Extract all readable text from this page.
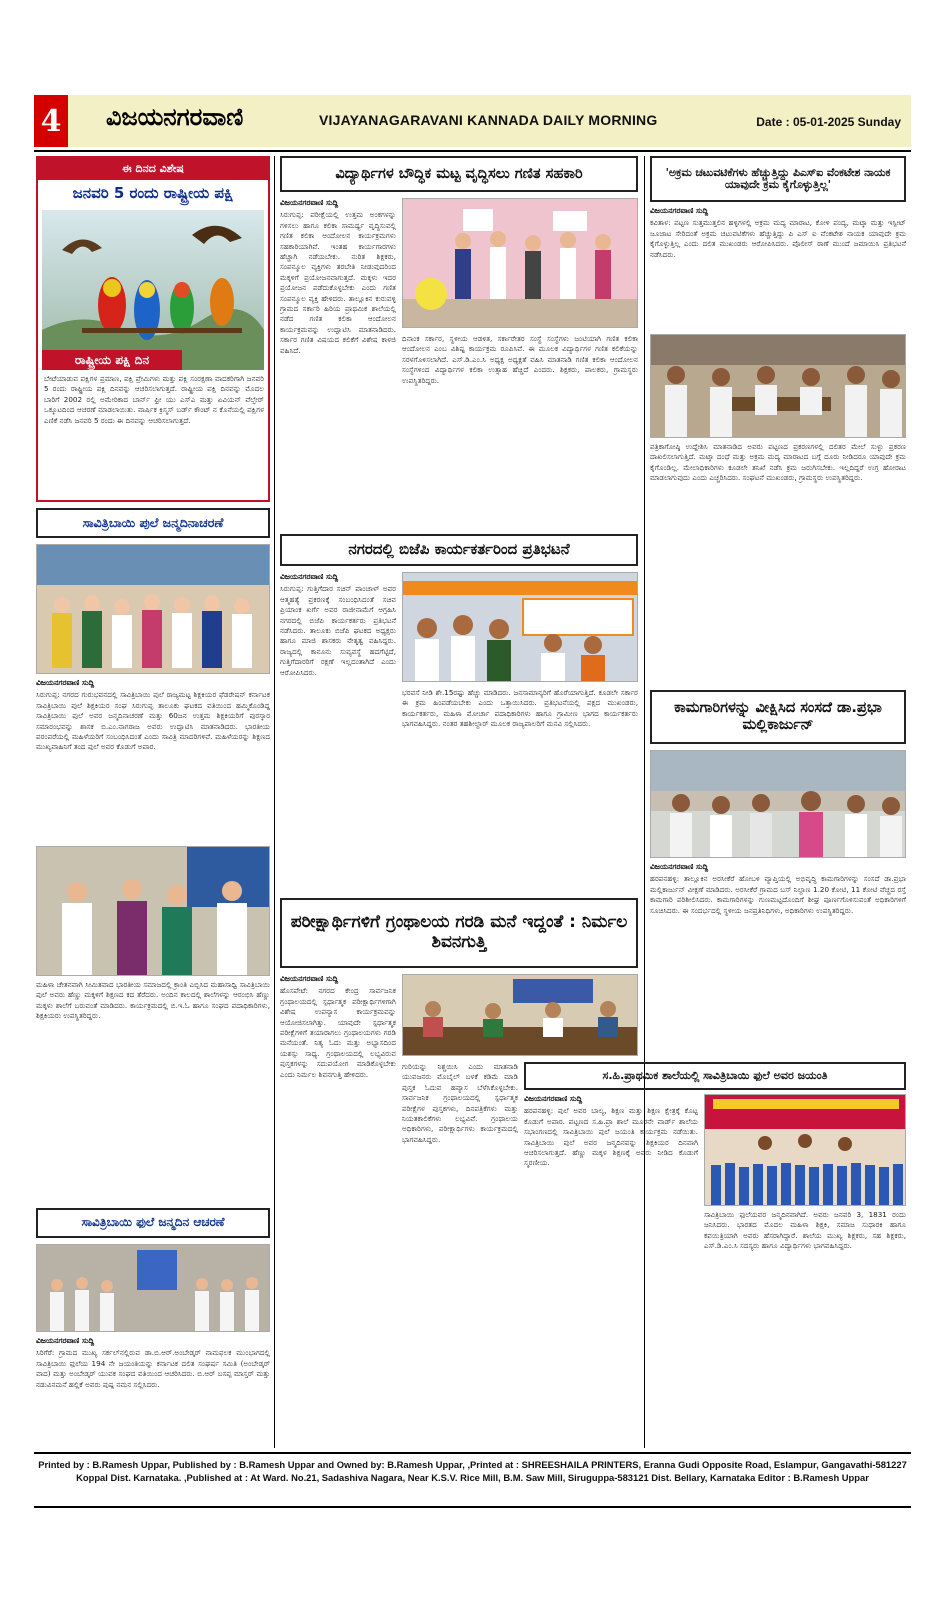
4 ವಿಜಯನಗರವಾಣಿ	VIJAYANAGARAVANI KANNADA DAILY MORNING	Date : 05-01-2025 Sunday
ಈ ದಿನದ ವಿಶೇಷ
ಜನವರಿ 5 ರಂದು ರಾಷ್ಟ್ರೀಯ ಪಕ್ಷಿ
ರಾಷ್ಟ್ರೀಯ ಪಕ್ಷಿ ದಿನ
ಬೇಟೆಯಾಡುವ ಪಕ್ಷಿಗಳ ಪ್ರಮಾಣ, ಪಕ್ಷಿ ಪ್ರೇಮಿಗಳು ಮತ್ತು ಪಕ್ಷಿ ಸಂರಕ್ಷಣಾ ವಾದಕರಿಗಾಗಿ ಜನವರಿ 5 ರಂದು ರಾಷ್ಟ್ರೀಯ ಪಕ್ಷಿ ದಿನವನ್ನು ಆಚರಿಸಲಾಗುತ್ತದೆ. ರಾಷ್ಟ್ರೀಯ ಪಕ್ಷಿ ದಿನವನ್ನು ಮೊದಲ ಬಾರಿಗೆ 2002 ರಲ್ಲಿ ಅಮೇರಿಕಾದ ಬಾರ್ನ್ ಫ್ರೀ ಯು ಎಸ್ಎ ಮತ್ತು ಏವಿಯನ್ ವೆಲ್ಫೇರ್ ಒಕ್ಕೂಟದಿಂದ ಆಚರಣೆ ಮಾಡಲಾಯಿತು. ವಾರ್ಷಿಕ ಕ್ರಿಸ್ಮಸ್ ಬರ್ಡ್ ಕೌಂಟ್ ನ ಕೊನೆಯಲ್ಲಿ ಪಕ್ಷಿಗಳ ಎಣಿಕೆ ನಡೆಸಿ ಜನವರಿ 5 ರಂದು ಈ ದಿನವನ್ನು ಆಚರಿಸಲಾಗುತ್ತದೆ.
ಸಾವಿತ್ರಿಬಾಯಿ ಪುಲೆ ಜನ್ಮದಿನಾಚರಣೆ
ವಿಜಯನಗರವಾಣಿ ಸುದ್ದಿ
ಸಿರುಗುಪ್ಪ: ನಗರದ ಗುರುಭವನದಲ್ಲಿ ಸಾವಿತ್ರಿಬಾಯಿ ಪುಲೆ ರಾಜ್ಯಮಟ್ಟ ಶಿಕ್ಷಕಿಯರ ಫೆಡರೇಷನ್ ಕರ್ನಾಟಕ ಸಾವಿತ್ರಿಬಾಯಿ ಪುಲೆ ಶಿಕ್ಷಕಿಯರ ಸಂಘ ಸಿರುಗುಪ್ಪ ತಾಲೂಕು ಘಟಕದ ವತಿಯಿಂದ ಹಮ್ಮಿಕೊಂಡಿದ್ದ ಸಾವಿತ್ರಿಬಾಯಿ ಪುಲೆ ಅವರ ಜನ್ಮದಿನಾಚರಣೆ ಮತ್ತು 60ಜನ ಉತ್ತಮ ಶಿಕ್ಷಕಿಯರಿಗೆ ಪುರಸ್ಕಾರ ಸಮಾರಂಭವನ್ನು ಶಾಸಕ ಬಿ.ಎಂ.ನಾಗರಾಜ ಅವರು ಉದ್ಘಾಟಿಸಿ ಮಾತನಾಡಿದರು. ಭಾರತೀಯ ಪರಂಪರೆಯಲ್ಲಿ ಮಹಿಳೆಯರಿಗೆ ಸಂಬಂಧಿಸಿದಂತೆ ಎಂದು ಸಾವಿತ್ರಿ ಮಾದರಿಗಳಿವೆ. ಮಹಿಳೆಯರನ್ನು ಶಿಕ್ಷಣದ ಮುಖ್ಯವಾಹಿನಿಗೆ ತಂದ ಪುಲೆ ಅವರ ಕೊಡುಗೆ ಅಪಾರ.
ಮಹಿಳಾ ಚೇತನವಾಗಿ ಸೀಮಿತವಾದ ಭಾರತೀಯ ಸಮಾಜದಲ್ಲಿ ಕ್ರಾಂತಿ ಎಬ್ಬಿಸಿದ ಮಹಾಸಾಧ್ವಿ ಸಾವಿತ್ರಿಬಾಯಿ ಪುಲೆ ಅವರು ಹೆಣ್ಣು ಮಕ್ಕಳಿಗೆ ಶಿಕ್ಷಣದ ಕದ ತೆರೆದರು. ಅಂದಿನ ಕಾಲದಲ್ಲಿ ಶಾಲೆಗಳನ್ನು ಆರಂಭಿಸಿ ಹೆಣ್ಣು ಮಕ್ಕಳು ಶಾಲೆಗೆ ಬರುವಂತೆ ಮಾಡಿದರು. ಕಾರ್ಯಕ್ರಮದಲ್ಲಿ ಬಿ.ಇ.ಓ ಹಾಗೂ ಸಂಘದ ಪದಾಧಿಕಾರಿಗಳು, ಶಿಕ್ಷಕಿಯರು ಉಪಸ್ಥಿತರಿದ್ದರು.
ಸಾವಿತ್ರಿಬಾಯಿ ಫುಲೆ ಜನ್ಮದಿನ ಆಚರಣೆ
ವಿಜಯನಗರವಾಣಿ ಸುದ್ದಿ
ಸಿರಿಗೆರೆ: ಗ್ರಾಮದ ಮುಖ್ಯ ಸರ್ಕಲ್‌ನಲ್ಲಿರುವ ಡಾ.ಬಿ.ಆರ್.ಅಂಬೇಡ್ಕರ್ ನಾಮಫಲಕ ಮುಂಭಾಗದಲ್ಲಿ ಸಾವಿತ್ರಿಬಾಯಿ ಫುಲೆಯ 194 ನೇ ಜಯಂತಿಯನ್ನು ಕರ್ನಾಟಕ ದಲಿತ ಸಂಘರ್ಷ ಸಮಿತಿ (ಅಂಬೇಡ್ಕರ್ ವಾದ) ಮತ್ತು ಅಂಬೇಡ್ಕರ್ ಯುವಕ ಸಂಘದ ವತಿಯಿಂದ ಆಚರಿಸಿದರು. ಬಿ.ಆರ್ ಬಸಪ್ಪ ಮಾಸ್ತರ್ ಮತ್ತು ನಡುವಿನಮನೆ ಹಲ್ಲಿಕೆ ಅವರು ಪುಷ್ಪ ನಮನ ಸಲ್ಲಿಸಿದರು.
ವಿದ್ಯಾರ್ಥಿಗಳ ಬೌದ್ಧಿಕ ಮಟ್ಟ ವೃದ್ಧಿಸಲು ಗಣಿತ ಸಹಕಾರಿ
ವಿಜಯನಗರವಾಣಿ ಸುದ್ದಿ
ಸಿರುಗುಪ್ಪ: ಪರೀಕ್ಷೆಯಲ್ಲಿ ಉತ್ತಮ ಅಂಕಗಳನ್ನು ಗಳಿಸಲು ಹಾಗೂ ಕಲಿಕಾ ಸಾಮರ್ಥ್ಯ ವೃದ್ಧಿಸುವಲ್ಲಿ ಗಣಿತ ಕಲಿಕಾ ಆಂದೋಲನ ಕಾರ್ಯಕ್ರಮಗಳು ಸಹಕಾರಿಯಾಗಿವೆ. ಇಂತಹ ಕಾರ್ಯಗಾರಗಳು ಹೆಚ್ಚಾಗಿ ನಡೆಯಬೇಕು. ನುರಿತ ಶಿಕ್ಷಕರು, ಸಂಪನ್ಮೂಲ ವ್ಯಕ್ತಿಗಳು ತರಬೇತಿ ನೀಡುವುದರಿಂದ ಮಕ್ಕಳಿಗೆ ಪ್ರಯೋಜನವಾಗುತ್ತದೆ. ಮಕ್ಕಳು ಇದರ ಪ್ರಯೋಜನ ಪಡೆದುಕೊಳ್ಳಬೇಕು ಎಂದು ಗಣಿತ ಸಂಪನ್ಮೂಲ ವ್ಯಕ್ತಿ ಹೇಳಿದರು. ತಾಲ್ಲೂಕಿನ ಕುರುವಳ್ಳಿ ಗ್ರಾಮದ ಸರ್ಕಾರಿ ಹಿರಿಯ ಪ್ರಾಥಮಿಕ ಶಾಲೆಯಲ್ಲಿ ನಡೆದ ಗಣಿತ ಕಲಿಕಾ ಆಂದೋಲನ ಕಾರ್ಯಕ್ರಮವನ್ನು ಉದ್ಘಾಟಿಸಿ ಮಾತನಾಡಿದರು. ಸರ್ಕಾರ ಗಣಿತ ವಿಷಯದ ಕಲಿಕೆಗೆ ವಿಶೇಷ ಕಾಳಜಿ ವಹಿಸಿದೆ.
ದಿನಾಂಕ ಸರ್ಕಾರ, ಸ್ಥಳೀಯ ಆಡಳಿತ, ಸರ್ಕಾರೇತರ ಸಂಸ್ಥೆ ಸಂಸ್ಥೆಗಳು ಜಂಟಿಯಾಗಿ ಗಣಿತ ಕಲಿಕಾ ಆಂದೋಲನ ಎಂಬ ವಿಶಿಷ್ಟ ಕಾರ್ಯಕ್ರಮ ರೂಪಿಸಿವೆ. ಈ ಮೂಲಕ ವಿದ್ಯಾರ್ಥಿಗಳ ಗಣಿತ ಕಲಿಕೆಯನ್ನು ಸರಳಗೊಳಿಸಲಾಗಿದೆ. ಎಸ್.ಡಿ.ಎಂ.ಸಿ ಅಧ್ಯಕ್ಷ ಅಧ್ಯಕ್ಷತೆ ವಹಿಸಿ ಮಾತನಾಡಿ ಗಣಿತ ಕಲಿಕಾ ಆಂದೋಲನ ಸಂಸ್ಥೆಗಳಿಂದ ವಿದ್ಯಾರ್ಥಿಗಳ ಕಲಿಕಾ ಉತ್ಸಾಹ ಹೆಚ್ಚಿದೆ ಎಂದರು. ಶಿಕ್ಷಕರು, ಪಾಲಕರು, ಗ್ರಾಮಸ್ಥರು ಉಪಸ್ಥಿತರಿದ್ದರು.
ನಗರದಲ್ಲಿ ಬಿಜೆಪಿ ಕಾರ್ಯಕರ್ತರಿಂದ ಪ್ರತಿಭಟನೆ
ವಿಜಯನಗರವಾಣಿ ಸುದ್ದಿ
ಸಿರುಗುಪ್ಪ: ಗುತ್ತಿಗೆದಾರ ಸಚಿನ್ ಪಾಂಚಾಳ್ ಅವರ ಆತ್ಮಹತ್ಯೆ ಪ್ರಕರಣಕ್ಕೆ ಸಂಬಂಧಿಸಿದಂತೆ ಸಚಿವ ಪ್ರಿಯಾಂಕ ಖರ್ಗೆ ಅವರ ರಾಜೀನಾಮೆಗೆ ಆಗ್ರಹಿಸಿ ನಗರದಲ್ಲಿ ಬಿಜೆಪಿ ಕಾರ್ಯಕರ್ತರು ಪ್ರತಿಭಟನೆ ನಡೆಸಿದರು. ತಾಲೂಕು ಬಿಜೆಪಿ ಘಟಕದ ಅಧ್ಯಕ್ಷರು ಹಾಗೂ ಮಾಜಿ ಶಾಸಕರು ನೇತೃತ್ವ ವಹಿಸಿದ್ದರು. ರಾಜ್ಯದಲ್ಲಿ ಕಾನೂನು ಸುವ್ಯವಸ್ಥೆ ಹದಗೆಟ್ಟಿದೆ, ಗುತ್ತಿಗೆದಾರರಿಗೆ ರಕ್ಷಣೆ ಇಲ್ಲದಂತಾಗಿದೆ ಎಂದು ಆರೋಪಿಸಿದರು.
ಭರವಸೆ ನೀಡಿ ಶೇ.15ರಷ್ಟು ಹೆಚ್ಚು ಮಾಡಿದರು. ಜನಸಾಮಾನ್ಯರಿಗೆ ಹೊರೆಯಾಗುತ್ತಿದೆ. ಕೂಡಲೇ ಸರ್ಕಾರ ಈ ಕ್ರಮ ಹಿಂಪಡೆಯಬೇಕು ಎಂದು ಒತ್ತಾಯಿಸಿದರು. ಪ್ರತಿಭಟನೆಯಲ್ಲಿ ಪಕ್ಷದ ಮುಖಂಡರು, ಕಾರ್ಯಕರ್ತರು, ಮಹಿಳಾ ಮೋರ್ಚಾ ಪದಾಧಿಕಾರಿಗಳು ಹಾಗೂ ಗ್ರಾಮೀಣ ಭಾಗದ ಕಾರ್ಯಕರ್ತರು ಭಾಗವಹಿಸಿದ್ದರು. ನಂತರ ತಹಶೀಲ್ದಾರ್ ಮೂಲಕ ರಾಜ್ಯಪಾಲರಿಗೆ ಮನವಿ ಸಲ್ಲಿಸಿದರು.
ಪರೀಕ್ಷಾರ್ಥಿಗಳಿಗೆ ಗ್ರಂಥಾಲಯ ಗರಡಿ ಮನೆ ಇದ್ದಂತೆ : ನಿರ್ಮಲ ಶಿವನಗುತ್ತಿ
ವಿಜಯನಗರವಾಣಿ ಸುದ್ದಿ
ಹೊಸಪೇಟೆ: ನಗರದ ಕೇಂದ್ರ ಸಾರ್ವಜನಿಕ ಗ್ರಂಥಾಲಯದಲ್ಲಿ ಸ್ಪರ್ಧಾತ್ಮಕ ಪರೀಕ್ಷಾರ್ಥಿಗಳಿಗಾಗಿ ವಿಶೇಷ ಉಪನ್ಯಾಸ ಕಾರ್ಯಕ್ರಮವನ್ನು ಆಯೋಜಿಸಲಾಗಿತ್ತು. ಯಾವುದೇ ಸ್ಪರ್ಧಾತ್ಮಕ ಪರೀಕ್ಷೆಗಳಿಗೆ ತಯಾರಾಗಲು ಗ್ರಂಥಾಲಯಗಳು ಗರಡಿ ಮನೆಯಂತೆ. ನಿತ್ಯ ಓದು ಮತ್ತು ಅಭ್ಯಾಸದಿಂದ ಯಶಸ್ಸು ಸಾಧ್ಯ. ಗ್ರಂಥಾಲಯದಲ್ಲಿ ಲಭ್ಯವಿರುವ ಪುಸ್ತಕಗಳನ್ನು ಸದುಪಯೋಗ ಮಾಡಿಕೊಳ್ಳಬೇಕು ಎಂದು ನಿರ್ಮಲ ಶಿವನಗುತ್ತಿ ಹೇಳಿದರು.
ಗುರಿಯನ್ನು ನಿಶ್ಚಯಿಸಿ ಎಂದು ಮಾತನಾಡಿ ಯುವಜನರು ಮೊಬೈಲ್ ಬಳಕೆ ಕಡಿಮೆ ಮಾಡಿ ಪುಸ್ತಕ ಓದುವ ಹವ್ಯಾಸ ಬೆಳೆಸಿಕೊಳ್ಳಬೇಕು. ಸಾರ್ವಜನಿಕ ಗ್ರಂಥಾಲಯದಲ್ಲಿ ಸ್ಪರ್ಧಾತ್ಮಕ ಪರೀಕ್ಷೆಗಳ ಪುಸ್ತಕಗಳು, ದಿನಪತ್ರಿಕೆಗಳು ಮತ್ತು ನಿಯತಕಾಲಿಕೆಗಳು ಲಭ್ಯವಿವೆ. ಗ್ರಂಥಾಲಯ ಅಧಿಕಾರಿಗಳು, ಪರೀಕ್ಷಾರ್ಥಿಗಳು ಕಾರ್ಯಕ್ರಮದಲ್ಲಿ ಭಾಗವಹಿಸಿದ್ದರು.
ಸ.ಹಿ.ಪ್ರಾಥಮಿಕ ಶಾಲೆಯಲ್ಲಿ ಸಾವಿತ್ರಿಬಾಯಿ ಫುಲೆ ಅವರ ಜಯಂತಿ
ವಿಜಯನಗರವಾಣಿ ಸುದ್ದಿ
ಹರಪನಹಳ್ಳಿ: ಪುಲೆ ಅವರ ಬಾಲ್ಯ, ಶಿಕ್ಷಣ ಮತ್ತು ಶಿಕ್ಷಣ ಕ್ಷೇತ್ರಕ್ಕೆ ಕೊಟ್ಟ ಕೊಡುಗೆ ಅಪಾರ. ಪಟ್ಟಣದ ಸ.ಹಿ.ಪ್ರಾ ಶಾಲೆ ಮೂರನೇ ವಾರ್ಡ್ ಶಾಲೆಯ ಸಭಾಂಗಣದಲ್ಲಿ ಸಾವಿತ್ರಿಬಾಯಿ ಪುಲೆ ಜಯಂತಿ ಕಾರ್ಯಕ್ರಮ ನಡೆಯಿತು. ಸಾವಿತ್ರಿಬಾಯಿ ಪುಲೆ ಅವರ ಜನ್ಮದಿನವನ್ನು ಶಿಕ್ಷಕಿಯರ ದಿನವಾಗಿ ಆಚರಿಸಲಾಗುತ್ತದೆ. ಹೆಣ್ಣು ಮಕ್ಕಳ ಶಿಕ್ಷಣಕ್ಕೆ ಅವರು ನೀಡಿದ ಕೊಡುಗೆ ಸ್ಮರಣೀಯ.
ಸಾವಿತ್ರಿಬಾಯಿ ಫುಲೆಯವರ ಜನ್ಮದಿನವಾಗಿದೆ. ಅವರು ಜನವರಿ 3, 1831 ರಂದು ಜನಿಸಿದರು. ಭಾರತದ ಮೊದಲ ಮಹಿಳಾ ಶಿಕ್ಷಕಿ, ಸಮಾಜ ಸುಧಾರಕಿ ಹಾಗೂ ಕವಯಿತ್ರಿಯಾಗಿ ಅವರು ಹೆಸರಾಗಿದ್ದಾರೆ. ಶಾಲೆಯ ಮುಖ್ಯ ಶಿಕ್ಷಕರು, ಸಹ ಶಿಕ್ಷಕರು, ಎಸ್.ಡಿ.ಎಂ.ಸಿ ಸದಸ್ಯರು ಹಾಗೂ ವಿದ್ಯಾರ್ಥಿಗಳು ಭಾಗವಹಿಸಿದ್ದರು.
'ಅಕ್ರಮ ಚಟುವಟಿಕೆಗಳು ಹೆಚ್ಚುತ್ತಿದ್ದು ಪಿಎಸ್ಐ ವೆಂಕಟೇಶ ನಾಯಕ ಯಾವುದೇ ಕ್ರಮ ಕೈಗೊಳ್ಳುತ್ತಿಲ್ಲ'
ವಿಜಯನಗರವಾಣಿ ಸುದ್ದಿ
ಕವಿತಾಳ: ಪಟ್ಟಣ ಸುತ್ತಮುತ್ತಲಿನ ಹಳ್ಳಿಗಳಲ್ಲಿ ಅಕ್ರಮ ಮದ್ಯ ಮಾರಾಟ, ಕೋಳಿ ಪಂದ್ಯ, ಮಟ್ಕಾ ಮತ್ತು ಇಸ್ಪೀಟ್ ಜೂಜಾಟ ಸೇರಿದಂತೆ ಅಕ್ರಮ ಚಟುವಟಿಕೆಗಳು ಹೆಚ್ಚುತ್ತಿದ್ದು ಪಿ ಎಸ್ ಐ ವೆಂಕಟೇಶ ನಾಯಕ ಯಾವುದೇ ಕ್ರಮ ಕೈಗೊಳ್ಳುತ್ತಿಲ್ಲ ಎಂದು ದಲಿತ ಮುಖಂಡರು ಆರೋಪಿಸಿದರು. ಪೊಲೀಸ್ ಠಾಣೆ ಮುಂದೆ ಜಮಾಯಿಸಿ ಪ್ರತಿಭಟನೆ ನಡೆಸಿದರು.
ಪತ್ರಿಕಾಗೋಷ್ಠಿ ಉದ್ದೇಶಿಸಿ ಮಾತನಾಡಿದ ಅವರು ಪಟ್ಟಣದ ಪ್ರಕರಣಗಳಲ್ಲಿ ದಲಿತರ ಮೇಲೆ ಸುಳ್ಳು ಪ್ರಕರಣ ದಾಖಲಿಸಲಾಗುತ್ತಿದೆ. ಮಟ್ಕಾ ದಂಧೆ ಮತ್ತು ಅಕ್ರಮ ಮದ್ಯ ಮಾರಾಟದ ಬಗ್ಗೆ ದೂರು ನೀಡಿದರೂ ಯಾವುದೇ ಕ್ರಮ ಕೈಗೊಂಡಿಲ್ಲ. ಮೇಲಾಧಿಕಾರಿಗಳು ಕೂಡಲೇ ತನಿಖೆ ನಡೆಸಿ ಕ್ರಮ ಜರುಗಿಸಬೇಕು. ಇಲ್ಲದಿದ್ದರೆ ಉಗ್ರ ಹೋರಾಟ ಮಾಡಲಾಗುವುದು ಎಂದು ಎಚ್ಚರಿಸಿದರು. ಸಂಘಟನೆ ಮುಖಂಡರು, ಗ್ರಾಮಸ್ಥರು ಉಪಸ್ಥಿತರಿದ್ದರು.
ಕಾಮಗಾರಿಗಳನ್ನು ವೀಕ್ಷಿಸಿದ ಸಂಸದೆ ಡಾ.ಪ್ರಭಾ ಮಲ್ಲಿಕಾರ್ಜುನ್
ವಿಜಯನಗರವಾಣಿ ಸುದ್ದಿ
ಹರಪನಹಳ್ಳಿ: ತಾಲ್ಲೂಕಿನ ಅರಸೀಕೆರೆ ಹೋಬಳಿ ವ್ಯಾಪ್ತಿಯಲ್ಲಿ ಅಭಿವೃದ್ಧಿ ಕಾಮಗಾರಿಗಳನ್ನು ಸಂಸದೆ ಡಾ.ಪ್ರಭಾ ಮಲ್ಲಿಕಾರ್ಜುನ್ ವೀಕ್ಷಣೆ ಮಾಡಿದರು. ಅರಸೀಕೆರೆ ಗ್ರಾಮದ ಬಸ್ ನಿಲ್ದಾಣ 1.20 ಕೋಟಿ, 11 ಕೋಟಿ ವೆಚ್ಚದ ರಸ್ತೆ ಕಾಮಗಾರಿ ಪರಿಶೀಲಿಸಿದರು. ಕಾಮಗಾರಿಗಳನ್ನು ಗುಣಮಟ್ಟದೊಂದಿಗೆ ಶೀಘ್ರ ಪೂರ್ಣಗೊಳಿಸುವಂತೆ ಅಧಿಕಾರಿಗಳಿಗೆ ಸೂಚಿಸಿದರು. ಈ ಸಂದರ್ಭದಲ್ಲಿ ಸ್ಥಳೀಯ ಜನಪ್ರತಿನಿಧಿಗಳು, ಅಧಿಕಾರಿಗಳು ಉಪಸ್ಥಿತರಿದ್ದರು.
Printed by : B.Ramesh Uppar, Published by : B.Ramesh Uppar and Owned by: B.Ramesh Uppar, ,Printed at : SHREESHAILA PRINTERS, Eranna Gudi Opposite Road, Eslampur, Gangavathi-581227 Koppal Dist. Karnataka. ,Published at : At Ward. No.21, Sadashiva Nagara, Near K.S.V. Rice Mill, B.M. Saw Mill, Siruguppa-583121 Dist. Bellary, Karnataka Editor : B.Ramesh Uppar
